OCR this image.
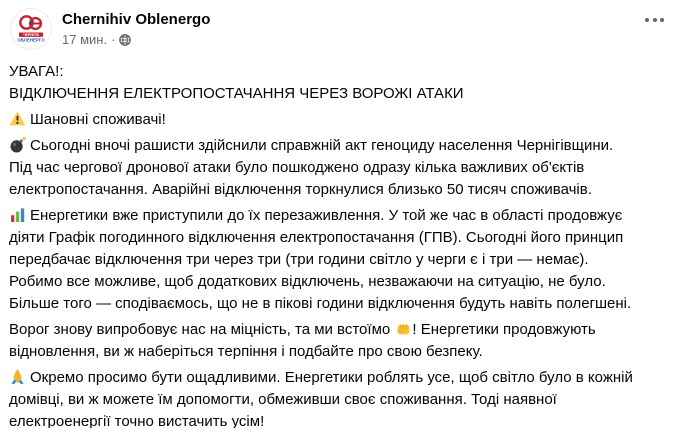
ЧЕРНІГІВ
ОБЛЕНЕРГО
Chernihiv Oblenergo
17 мин. ·
УВАГА!:
ВІДКЛЮЧЕННЯ ЕЛЕКТРОПОСТАЧАННЯ ЧЕРЕЗ ВОРОЖІ АТАКИ
Шановні споживачі!
Сьогодні вночі рашисти здійснили справжній акт геноциду населення Чернігівщини.
Під час чергової дронової атаки було пошкоджено одразу кілька важливих об'єктів
електропостачання. Аварійні відключення торкнулися близько 50 тисяч споживачів.
Енергетики вже приступили до їх перезаживлення. У той же час в області продовжує
діяти Графік погодинного відключення електропостачання (ГПВ). Сьогодні його принцип
передбачає відключення три через три (три години світло у черги є і три — немає).
Робимо все можливе, щоб додаткових відключень, незважаючи на ситуацію, не було.
Більше того — сподіваємось, що не в пікові години відключення будуть навіть полегшені.
Ворог знову випробовує нас на міцність, та ми встоїмо
! Енергетики продовжують
відновлення, ви ж наберіться терпіння і подбайте про свою безпеку.
Окремо просимо бути ощадливими. Енергетики роблять усе, щоб світло було в кожній
домівці, ви ж можете їм допомогти, обмеживши своє споживання. Тоді наявної
електроенергії точно вистачить усім!
